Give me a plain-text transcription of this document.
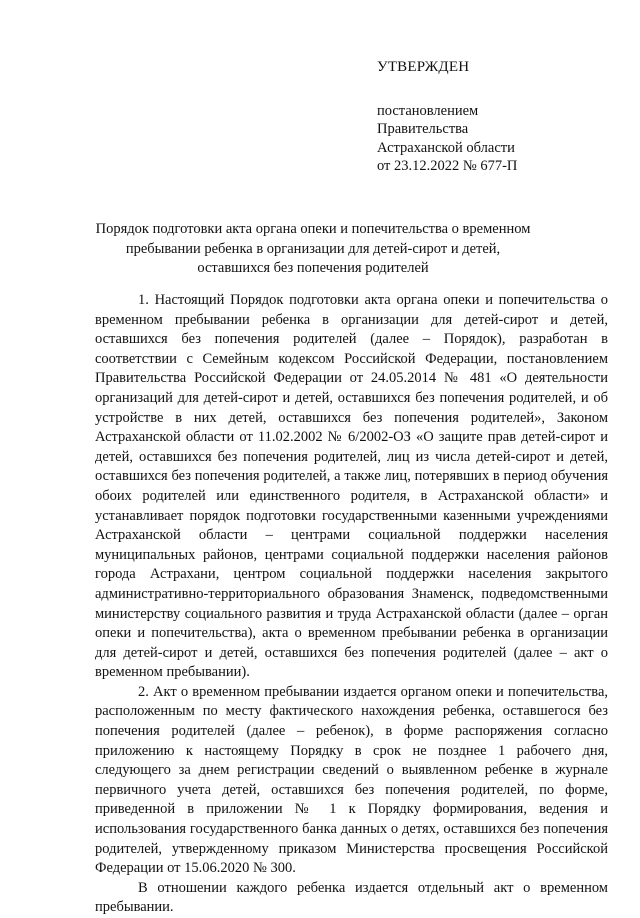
УТВЕРЖДЕН
постановлением
Правительства
Астраханской области
от 23.12.2022 № 677-П
Порядок подготовки акта органа опеки и попечительства о временном пребывании ребенка в организации для детей-сирот и детей, оставшихся без попечения родителей

1. Настоящий Порядок подготовки акта органа опеки и попечительства о временном пребывании ребенка в организации для детей-сирот и детей, оставшихся без попечения родителей (далее – Порядок), разработан в соответствии с Семейным кодексом Российской Федерации, постановлением Правительства Российской Федерации от 24.05.2014 № 481 «О деятельности организаций для детей-сирот и детей, оставшихся без попечения родителей, и об устройстве в них детей, оставшихся без попечения родителей», Законом Астраханской области от 11.02.2002 № 6/2002-ОЗ «О защите прав детей-сирот и детей, оставшихся без попечения родителей, лиц из числа детей-сирот и детей, оставшихся без попечения родителей, а также лиц, потерявших в период обучения обоих родителей или единственного родителя, в Астраханской области» и устанавливает порядок подготовки государственными казенными учреждениями Астраханской области – центрами социальной поддержки населения муниципальных районов, центрами социальной поддержки населения районов города Астрахани, центром социальной поддержки населения закрытого административно-территориального образования Знаменск, подведомственными министерству социального развития и труда Астраханской области (далее – орган опеки и попечительства), акта о временном пребывании ребенка в организации для детей-сирот и детей, оставшихся без попечения родителей (далее – акт о временном пребывании).

2. Акт о временном пребывании издается органом опеки и попечительства, расположенным по месту фактического нахождения ребенка, оставшегося без попечения родителей (далее – ребенок), в форме распоряжения согласно приложению к настоящему Порядку в срок не позднее 1 рабочего дня, следующего за днем регистрации сведений о выявленном ребенке в журнале первичного учета детей, оставшихся без попечения родителей, по форме, приведенной в приложении № 1 к Порядку формирования, ведения и использования государственного банка данных о детях, оставшихся без попечения родителей, утвержденному приказом Министерства просвещения Российской Федерации от 15.06.2020 № 300.

В отношении каждого ребенка издается отдельный акт о временном пребывании.
